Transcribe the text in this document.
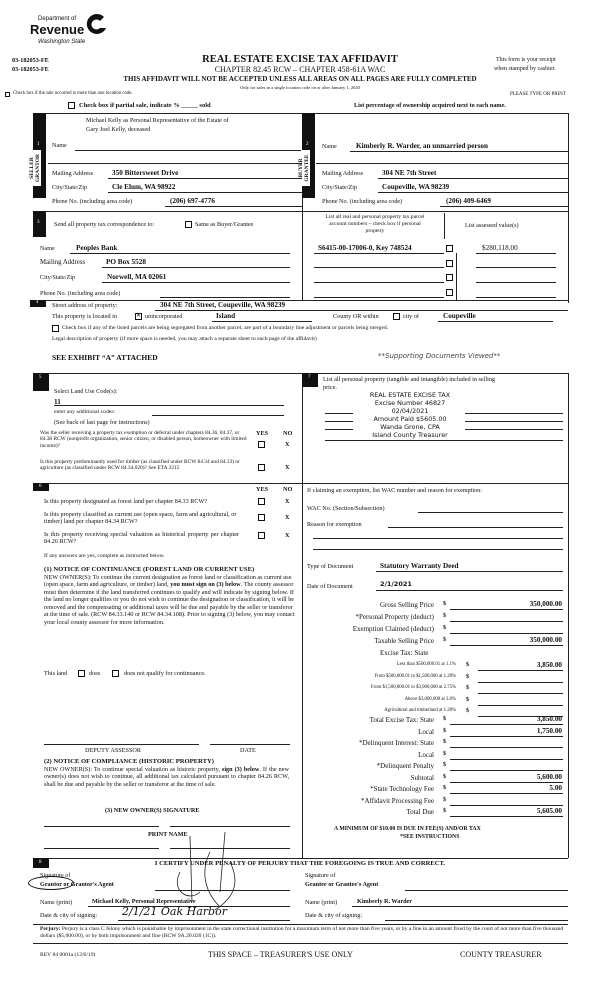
Department of
Revenue
Washington State
03-182053-FE
03-182053-FE
REAL ESTATE EXCISE TAX AFFIDAVIT
CHAPTER 82.45 RCW – CHAPTER 458-61A WAC
This form is your receipt
when stamped by cashier.
THIS AFFIDAVIT WILL NOT BE ACCEPTED UNLESS ALL AREAS ON ALL PAGES ARE FULLY COMPLETED
Only for sales in a single location code on or after January 1, 2020
Check box if the sale occurred is more than one location code.	PLEASE TYPE OR PRINT
Check box if partial sale, indicate % _____ sold	List percentage of ownership acquired next to each name.
1	2
SELLER GRANTOR	BUYER GRANTEE
Michael Kelly as Personal Representative of the Estate of
Gary Joel Kelly, deceased
Name
Mailing Address	350 Bittersweet Drive
City/State/Zip	Cle Elum, WA 98922
Phone No. (including area code)	(206) 697-4776
Name	Kimberly R. Warder, an unmarried person
Mailing Address	304 NE 7th Street
City/State/Zip	Coupeville, WA 98239
Phone No. (including area code)	(206) 409-6469
3 Send all property tax correspondence to:	Same as Buyer/Grantee
Name	Peoples Bank
Mailing Address	PO Box 5528
City/State/Zip	Norwell, MA 02061
Phone No. (including area code)
List all real and personal property tax parcel
account numbers – check box if personal
property
List assessed value(s)
S6415-00-17006-0, Key 748524	$280,118.00
4 Street address of property:	304 NE 7th Street, Coupeville, WA 98239
This property is located in	✕ unincorporated	Island	County OR within	city of	Coupeville
Check box if any of the listed parcels are being segregated from another parcel, are part of a boundary line adjustment or parcels being merged.
Legal description of property (if more space is needed, you may attach a separate sheet to each page of the affidavit)
SEE EXHIBIT “A” ATTACHED	**Supporting Documents Viewed**
5
Select Land Use Code(s):
11
enter any additional codes:
(See back of last page for instructions)
YES NO
Was the seller receiving a property tax exemption or deferral under chapters 84.36, 84.37, or 84.38 RCW (nonprofit organization, senior citizen, or disabled person, homeowner with limited income)?	X
Is this property predominantly used for timber (as classified under RCW 84.34 and 84.33) or agriculture (as classified under RCW 84.34.020)? See ETA 3215	X
6	YES NO
Is this property designated as forest land per chapter 84.33 RCW?	X
Is this property classified as current use (open space, farm and agricultural, or timber) land per chapter 84.34 RCW?
X
Is this property receiving special valuation as historical property per chapter 84.26 RCW?
X
If any answers are yes, complete as instructed below.
(1) NOTICE OF CONTINUANCE (FOREST LAND OR CURRENT USE)
NEW OWNER(S): To continue the current designation as forest land or classification as current use (open space, farm and agriculture, or timber) land, you must sign on (3) below. The county assessor must then determine if the land transferred continues to qualify and will indicate by signing below. If the land no longer qualifies or you do not wish to continue the designation or classification, it will be removed and the compensating or additional taxes will be due and payable by the seller or transferor at the time of sale. (RCW 84.33.140 or RCW 84.34.108). Prior to signing (3) below, you may contact your local county assessor for more information.
This land	does	does not qualify for continuance.
DEPUTY ASSESSOR	DATE
(2) NOTICE OF COMPLIANCE (HISTORIC PROPERTY)
NEW OWNER(S): To continue special valuation as historic property, sign (3) below. If the new owner(s) does not wish to continue, all additional tax calculated pursuant to chapter 84.26 RCW, shall be due and payable by the seller or transferor at the time of sale.
(3) NEW OWNER(S) SIGNATURE
PRINT NAME
7 List all personal property (tangible and intangible) included in selling
price.
REAL ESTATE EXCISE TAX
Excise Number 46827
02/04/2021
Amount Paid $5605.00
Wanda Grone, CPA
Island County Treasurer
If claiming an exemption, list WAC number and reason for exemption:
WAC No. (Section/Subsection)
Reason for exemption
Type of Document	Statutory Warranty Deed
Date of Document	2/1/2021
Gross Selling Price $	350,000.00
*Personal Property (deduct) $
Exemption Claimed (deduct) $
Taxable Selling Price $	350,000.00
Less than $500,000.01 at 1.1% $	3,850.00
From $500,000.01 to $1,500,000 at 1.28% $
From $1,500,000.01 to $3,000,000 at 2.75% $
Above $3,000,000 at 3.0% $
Agricultural and timberland at 1.28% $
Total Excise Tax: State $	3,850.00
Local $	1,750.00
*Delinquent Interest: State $
Local $
*Delinquent Penalty $
Subtotal $	5,600.00
*State Technology Fee $	5.00
*Affidavit Processing Fee $
Total Due $	5,605.00
Excise Tax: State
A MINIMUM OF $10.00 IS DUE IN FEE(S) AND/OR TAX
*SEE INSTRUCTIONS
8	I CERTIFY UNDER PENALTY OF PERJURY THAT THE FOREGOING IS TRUE AND CORRECT.
Signature of
Grantor or Grantor's Agent
Signature of
Grantee or Grantee's Agent
Name (print)	Michael Kelly, Personal Representative	Name (print)	Kimberly R. Warder
Date & city of signing: 2/1/21 Oak Harbor	Date & city of signing:
Perjury: Perjury is a class C felony which is punishable by imprisonment in the state correctional institution for a maximum term of not more than five years, or by a fine in an amount fixed by the court of not more than five thousand dollars ($5,000.00), or by both imprisonment and fine (RCW 9A.20.020 (1C)).
REV 84 0001a (12/6/19)	THIS SPACE – TREASURER'S USE ONLY	COUNTY TREASURER
